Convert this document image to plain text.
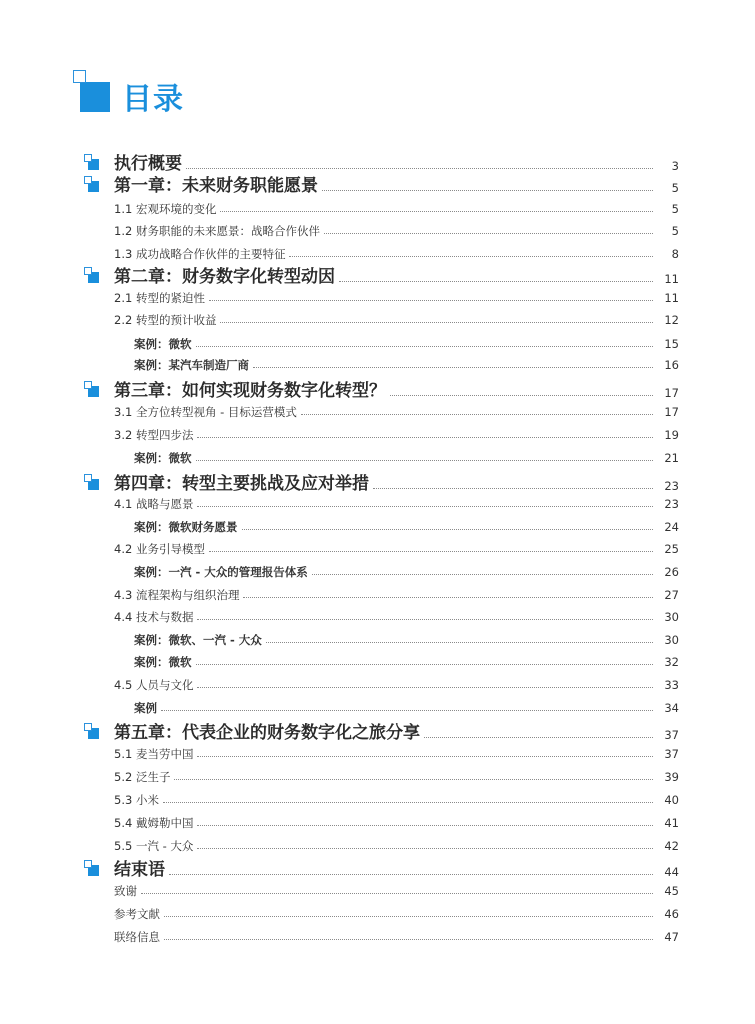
目录
执行概要	3
第一章：未来财务职能愿景	5
1.1 宏观环境的变化	5
1.2 财务职能的未来愿景：战略合作伙伴	5
1.3 成功战略合作伙伴的主要特征	8
第二章：财务数字化转型动因	11
2.1 转型的紧迫性	11
2.2 转型的预计收益	12
案例：微软	15
案例：某汽车制造厂商	16
第三章：如何实现财务数字化转型？	17
3.1 全方位转型视角 - 目标运营模式	17
3.2 转型四步法	19
案例：微软	21
第四章：转型主要挑战及应对举措	23
4.1 战略与愿景	23
案例：微软财务愿景	24
4.2 业务引导模型	25
案例：一汽 - 大众的管理报告体系	26
4.3 流程架构与组织治理	27
4.4 技术与数据	30
案例：微软、一汽 - 大众	30
案例：微软	32
4.5 人员与文化	33
案例	34
第五章：代表企业的财务数字化之旅分享	37
5.1 麦当劳中国	37
5.2 泛生子	39
5.3 小米	40
5.4 戴姆勒中国	41
5.5 一汽 - 大众	42
结束语	44
致谢	45
参考文献	46
联络信息	47
